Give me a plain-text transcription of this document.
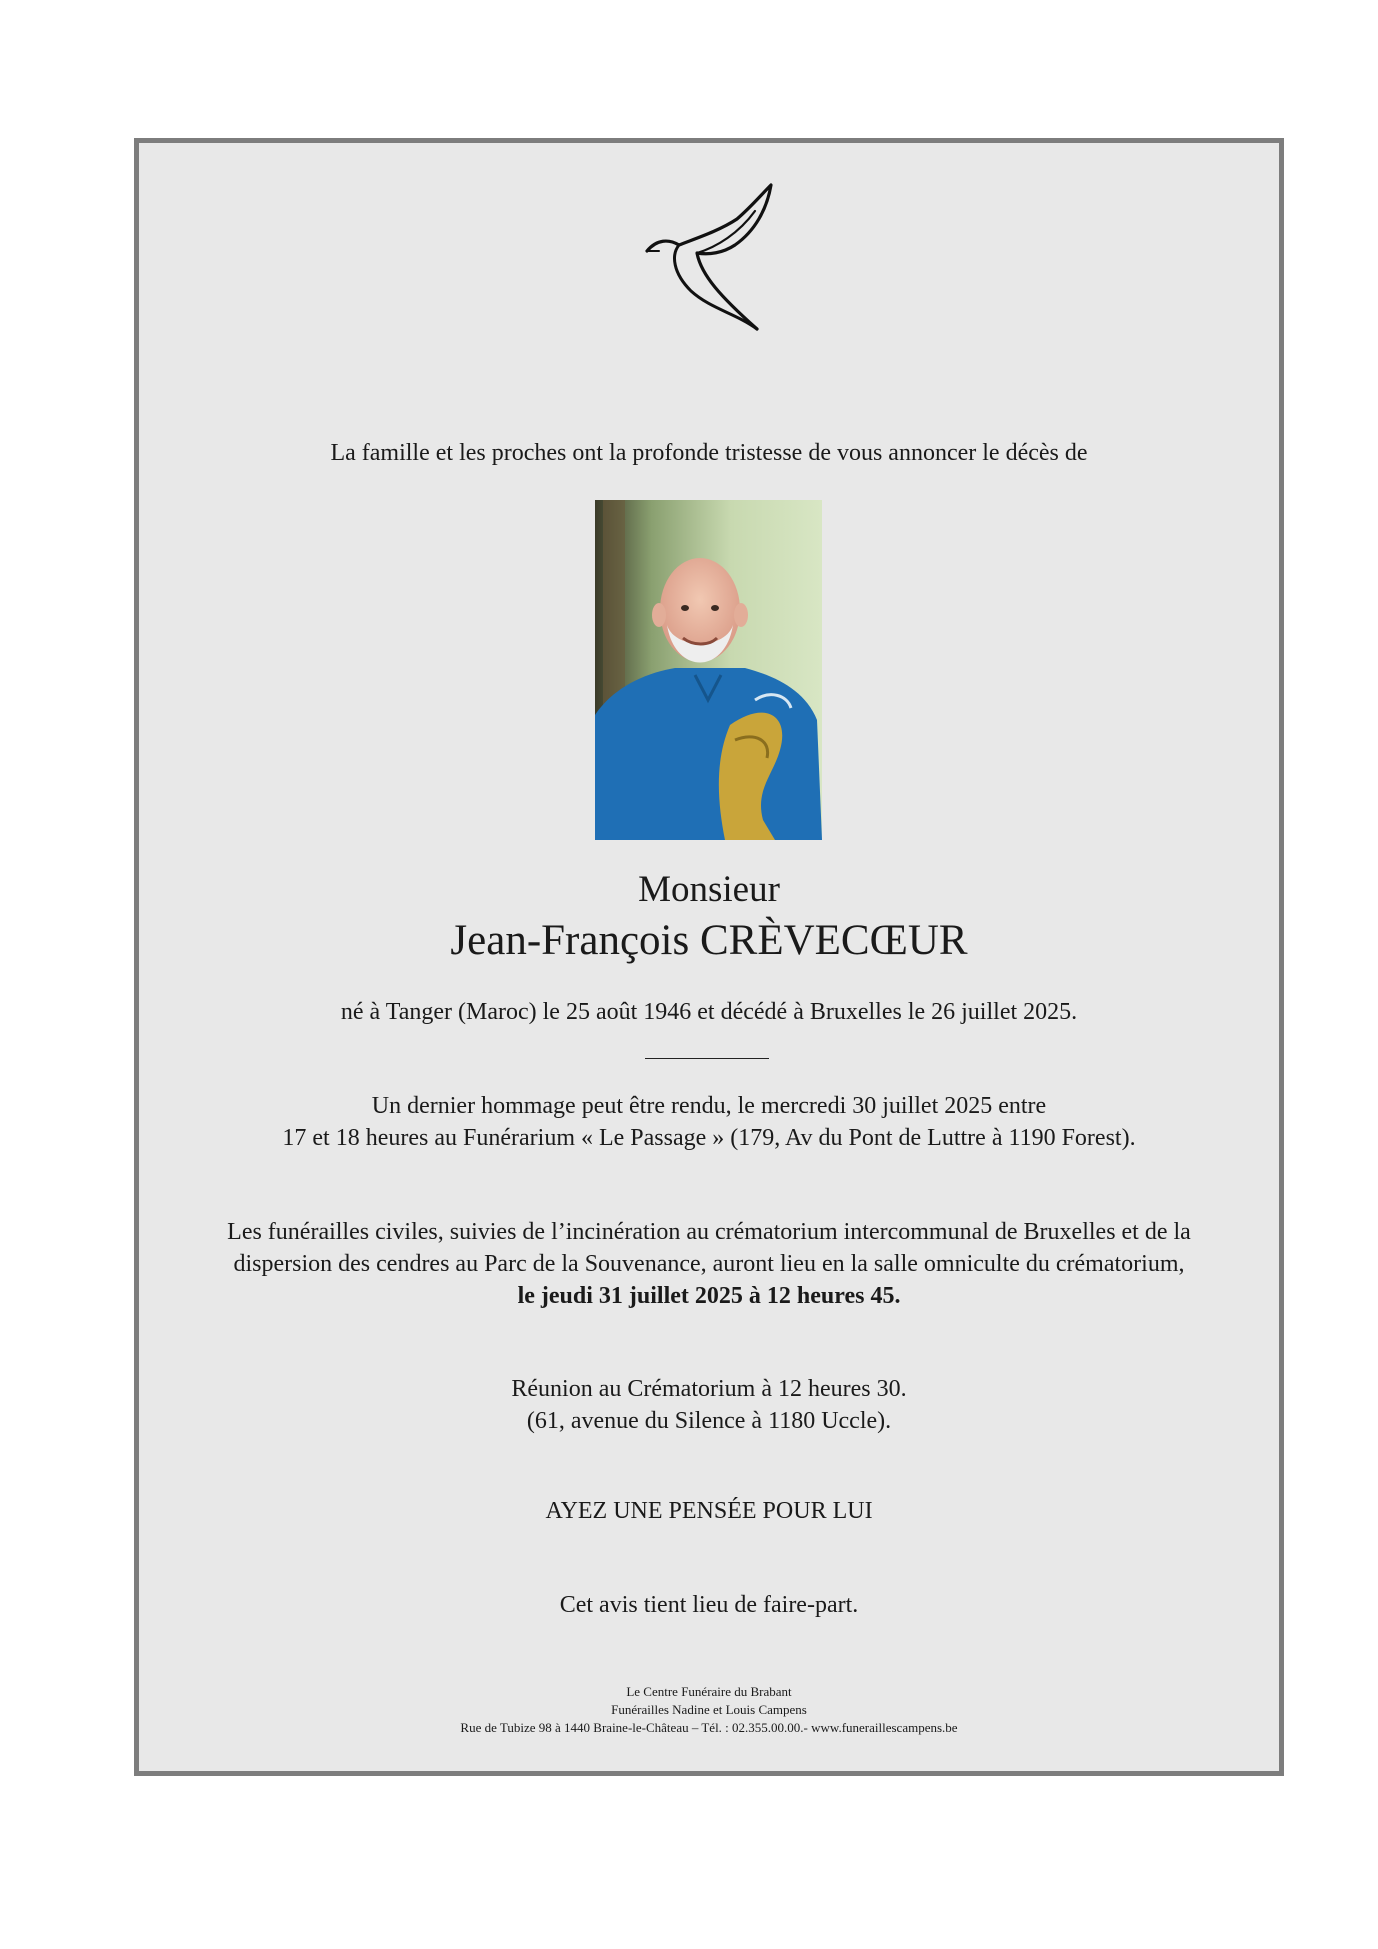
La famille et les proches ont la profonde tristesse de vous annoncer le décès de
Monsieur
Jean-François CRÈVECŒUR
né à Tanger (Maroc) le 25 août 1946 et décédé à Bruxelles le 26 juillet 2025.
Un dernier hommage peut être rendu, le mercredi 30 juillet 2025 entre
17 et 18 heures au Funérarium « Le Passage » (179, Av du Pont de Luttre à 1190 Forest).
Les funérailles civiles, suivies de l’incinération au crématorium intercommunal de Bruxelles et de la
dispersion des cendres au Parc de la Souvenance, auront lieu en la salle omniculte du crématorium,
le jeudi 31 juillet 2025 à 12 heures 45.
Réunion au Crématorium à 12 heures 30.
(61, avenue du Silence à 1180 Uccle).
AYEZ UNE PENSÉE POUR LUI
Cet avis tient lieu de faire-part.
Le Centre Funéraire du Brabant
Funérailles Nadine et Louis Campens
Rue de Tubize 98 à 1440 Braine-le-Château – Tél. : 02.355.00.00.- www.funeraillescampens.be
